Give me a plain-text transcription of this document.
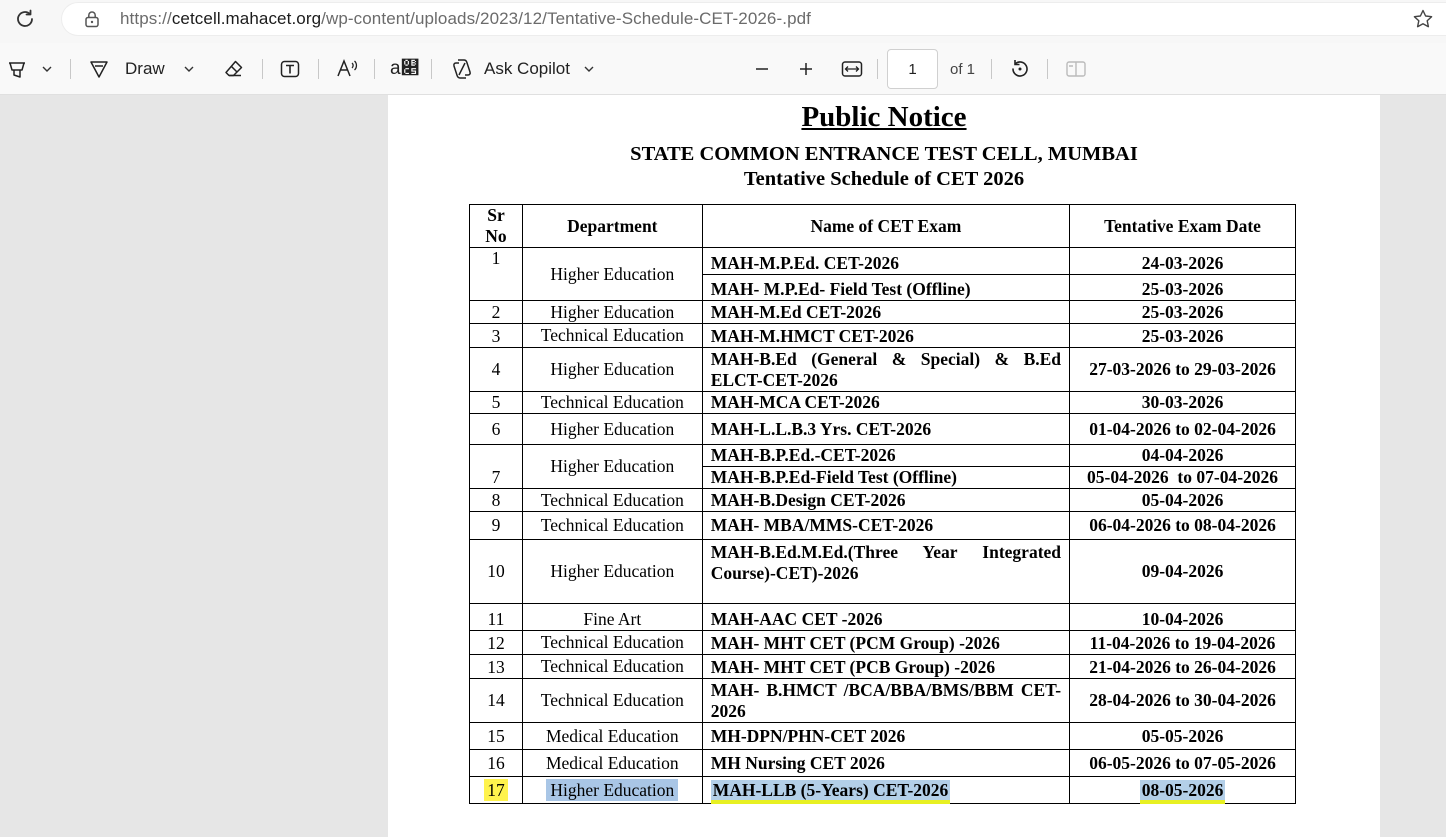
https://cetcell.mahacet.org/wp-content/uploads/2023/12/Tentative-Schedule-CET-2026-.pdf
Draw	a௅	Ask Copilot	1 of 1
Public Notice
STATE COMMON ENTRANCE TEST CELL, MUMBAI
Tentative Schedule of CET 2026
Sr
No	Department	Name of CET Exam	Tentative Exam Date
1	Higher Education	MAH-M.P.Ed. CET-2026	24-03-2026
		MAH- M.P.Ed- Field Test (Offline)	25-03-2026
2	Higher Education	MAH-M.Ed CET-2026	25-03-2026
3	Technical Education	MAH-M.HMCT CET-2026	25-03-2026
4	Higher Education	MAH-B.Ed (General & Special) & B.Ed ELCT-CET-2026	27-03-2026 to 29-03-2026
5	Technical Education	MAH-MCA CET-2026	30-03-2026
6	Higher Education	MAH-L.L.B.3 Yrs. CET-2026	01-04-2026 to 02-04-2026
7	Higher Education	MAH-B.P.Ed.-CET-2026	04-04-2026
		MAH-B.P.Ed-Field Test (Offline)	05-04-2026  to 07-04-2026
8	Technical Education	MAH-B.Design CET-2026	05-04-2026
9	Technical Education	MAH- MBA/MMS-CET-2026	06-04-2026 to 08-04-2026
10	Higher Education	MAH-B.Ed.M.Ed.(Three Year Integrated Course)-CET)-2026	09-04-2026
11	Fine Art	MAH-AAC CET -2026	10-04-2026
12	Technical Education	MAH- MHT CET (PCM Group) -2026	11-04-2026 to 19-04-2026
13	Technical Education	MAH- MHT CET (PCB Group) -2026	21-04-2026 to 26-04-2026
14	Technical Education	MAH- B.HMCT /BCA/BBA/BMS/BBM CET-2026	28-04-2026 to 30-04-2026
15	Medical Education	MH-DPN/PHN-CET 2026	05-05-2026
16	Medical Education	MH Nursing CET 2026	06-05-2026 to 07-05-2026
17	Higher Education	MAH-LLB (5-Years) CET-2026	08-05-2026
